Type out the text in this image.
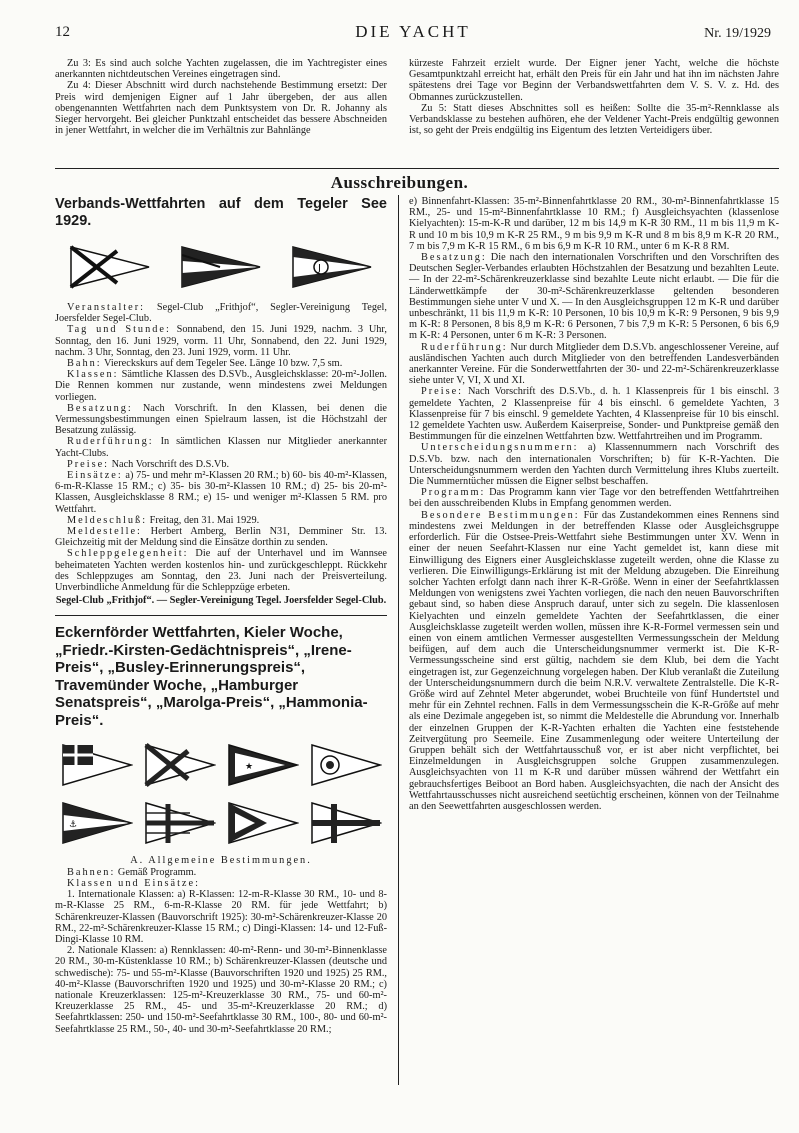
12	DIE YACHT	Nr. 19/1929

Zu 3: Es sind auch solche Yachten zugelassen, die im Yachtregister eines anerkannten nichtdeutschen Vereines eingetragen sind.

Zu 4: Dieser Abschnitt wird durch nachstehende Bestimmung ersetzt: Der Preis wird demjenigen Eigner auf 1 Jahr übergeben, der aus allen obengenannten Wettfahrten nach dem Punktsystem von Dr. R. Johanny als Sieger hervorgeht. Bei gleicher Punktzahl entscheidet das bessere Abschneiden in jener Wettfahrt, in welcher die im Verhältnis zur Bahnlänge

kürzeste Fahrzeit erzielt wurde. Der Eigner jener Yacht, welche die höchste Gesamtpunktzahl erreicht hat, erhält den Preis für ein Jahr und hat ihn im nächsten Jahre spätestens drei Tage vor Beginn der Verbandswettfahrten dem V. S. V. z. Hd. des Obmannes zurückzustellen.

Zu 5: Statt dieses Abschnittes soll es heißen: Sollte die 35-m²-Rennklasse als Verbandsklasse zu bestehen aufhören, ehe der Veldener Yacht-Preis endgültig gewonnen ist, so geht der Preis endgültig ins Eigentum des letzten Verteidigers über.

Ausschreibungen.
Verbands-Wettfahrten auf dem Tegeler See 1929.
J

Veranstalter: Segel-Club „Frithjof“, Segler-Vereinigung Tegel, Joersfelder Segel-Club.

Tag und Stunde: Sonnabend, den 15. Juni 1929, nachm. 3 Uhr, Sonntag, den 16. Juni 1929, vorm. 11 Uhr, Sonnabend, den 22. Juni 1929, nachm. 3 Uhr, Sonntag, den 23. Juni 1929, vorm. 11 Uhr.

Bahn: Viereckskurs auf dem Tegeler See. Länge 10 bzw. 7,5 sm.

Klassen: Sämtliche Klassen des D.SVb., Ausgleichsklasse: 20-m²-Jollen. Die Rennen kommen nur zustande, wenn mindestens zwei Meldungen vorliegen.

Besatzung: Nach Vorschrift. In den Klassen, bei denen die Vermessungsbestimmungen einen Spielraum lassen, ist die Höchstzahl der Besatzung zulässig.

Ruderführung: In sämtlichen Klassen nur Mitglieder anerkannter Yacht-Clubs.

Preise: Nach Vorschrift des D.S.Vb.

Einsätze: a) 75- und mehr m²-Klassen 20 RM.; b) 60- bis 40-m²-Klassen, 6-m-R-Klasse 15 RM.; c) 35- bis 30-m²-Klassen 10 RM.; d) 25- bis 20-m²-Klassen, Ausgleichsklasse 8 RM.; e) 15- und weniger m²-Klassen 5 RM. pro Wettfahrt.

Meldeschluß: Freitag, den 31. Mai 1929.

Meldestelle: Herbert Amberg, Berlin N31, Demminer Str. 13. Gleichzeitig mit der Meldung sind die Einsätze dorthin zu senden.

Schleppgelegenheit: Die auf der Unterhavel und im Wannsee beheimateten Yachten werden kostenlos hin- und zurückgeschleppt. Rückkehr des Schleppzuges am Sonntag, den 23. Juni nach der Preisverteilung. Unverbindliche Anmeldung für die Schleppzüge erbeten.

Segel-Club „Frithjof“. — Segler-Vereinigung Tegel. Joersfelder Segel-Club.

Eckernförder Wettfahrten, Kieler Woche, „Friedr.-Kirsten-Gedächtnispreis“, „Irene-Preis“, „Busley-Erinnerungspreis“, Travemünder Woche, „Hamburger Senatspreis“, „Marolga-Preis“, „Hammonia-Preis“.
★
⚓

A. Allgemeine Bestimmungen.

Bahnen: Gemäß Programm.

Klassen und Einsätze:

1. Internationale Klassen: a) R-Klassen: 12-m-R-Klasse 30 RM., 10- und 8-m-R-Klasse 25 RM., 6-m-R-Klasse 20 RM. für jede Wettfahrt; b) Schärenkreuzer-Klassen (Bauvorschrift 1925): 30-m²-Schärenkreuzer-Klasse 20 RM., 22-m²-Schärenkreuzer-Klasse 15 RM.; c) Dingi-Klassen: 14- und 12-Fuß-Dingi-Klasse 10 RM.

2. Nationale Klassen: a) Rennklassen: 40-m²-Renn- und 30-m²-Binnenklasse 20 RM., 30-m-Küstenklasse 10 RM.; b) Schärenkreuzer-Klassen (deutsche und schwedische): 75- und 55-m²-Klasse (Bauvorschriften 1920 und 1925) 25 RM., 40-m²-Klasse (Bauvorschriften 1920 und 1925) und 30-m²-Klasse 20 RM.; c) nationale Kreuzerklassen: 125-m²-Kreuzerklasse 30 RM., 75- und 60-m²-Kreuzerklasse 25 RM., 45- und 35-m²-Kreuzerklasse 20 RM.; d) Seefahrtklassen: 250- und 150-m²-Seefahrtklasse 30 RM., 100-, 80- und 60-m²-Seefahrtklasse 25 RM., 50-, 40- und 30-m²-Seefahrtklasse 20 RM.;

e) Binnenfahrt-Klassen: 35-m²-Binnenfahrtklasse 20 RM., 30-m²-Binnenfahrtklasse 15 RM., 25- und 15-m²-Binnenfahrtklasse 10 RM.; f) Ausgleichsyachten (klassenlose Kielyachten): 15-m-K-R und darüber, 12 m bis 14,9 m K-R 30 RM., 11 m bis 11,9 m K-R und 10 m bis 10,9 m K-R 25 RM., 9 m bis 9,9 m K-R und 8 m bis 8,9 m K-R 20 RM., 7 m bis 7,9 m K-R 15 RM., 6 m bis 6,9 m K-R 10 RM., unter 6 m K-R 8 RM.

Besatzung: Die nach den internationalen Vorschriften und den Vorschriften des Deutschen Segler-Verbandes erlaubten Höchstzahlen der Besatzung und bezahlten Leute. — In der 22-m²-Schärenkreuzerklasse sind bezahlte Leute nicht erlaubt. — Die für die Länderwettkämpfe der 30-m²-Schärenkreuzerklasse geltenden besonderen Bestimmungen siehe unter V und X. — In den Ausgleichsgruppen 12 m K-R und darüber unbeschränkt, 11 bis 11,9 m K-R: 10 Personen, 10 bis 10,9 m K-R: 9 Personen, 9 bis 9,9 m K-R: 8 Personen, 8 bis 8,9 m K-R: 6 Personen, 7 bis 7,9 m K-R: 5 Personen, 6 bis 6,9 m K-R: 4 Personen, unter 6 m K-R: 3 Personen.

Ruderführung: Nur durch Mitglieder dem D.S.Vb. angeschlossener Vereine, auf ausländischen Yachten auch durch Mitglieder von den betreffenden Landesverbänden anerkannter Vereine. Für die Sonderwettfahrten der 30- und 22-m²-Schärenkreuzerklasse siehe unter V, VI, X und XI.

Preise: Nach Vorschrift des D.S.Vb., d. h. 1 Klassenpreis für 1 bis einschl. 3 gemeldete Yachten, 2 Klassenpreise für 4 bis einschl. 6 gemeldete Yachten, 3 Klassenpreise für 7 bis einschl. 9 gemeldete Yachten, 4 Klassenpreise für 10 bis einschl. 12 gemeldete Yachten usw. Außerdem Kaiserpreise, Sonder- und Punktpreise gemäß den Bestimmungen für die einzelnen Wettfahrten bzw. Wettfahrtreihen und im Programm.

Unterscheidungsnummern: a) Klassennummern nach Vorschrift des D.S.Vb. bzw. nach den internationalen Vorschriften; b) für K-R-Yachten. Die Unterscheidungsnummern werden den Yachten durch Vermittelung ihres Klubs zuerteilt. Die Nummerntücher müssen die Eigner selbst beschaffen.

Programm: Das Programm kann vier Tage vor den betreffenden Wettfahrtreihen bei den ausschreibenden Klubs in Empfang genommen werden.

Besondere Bestimmungen: Für das Zustandekommen eines Rennens sind mindestens zwei Meldungen in der betreffenden Klasse oder Ausgleichsgruppe erforderlich. Für die Ostsee-Preis-Wettfahrt siehe Bestimmungen unter XV. Wenn in einer der neuen Seefahrt-Klassen nur eine Yacht gemeldet ist, kann diese mit Einwilligung des Eigners einer Ausgleichsklasse zugeteilt werden, ohne die Klasse zu verlieren. Die Einwilligungs-Erklärung ist mit der Meldung abzugeben. Die Einreihung solcher Yachten erfolgt dann nach ihrer K-R-Größe. Wenn in einer der Seefahrtklassen Meldungen von wenigstens zwei Yachten vorliegen, die nach den neuen Bauvorschriften gebaut sind, so haben diese Anspruch darauf, unter sich zu segeln. Die klassenlosen Kielyachten und einzeln gemeldete Yachten der Seefahrtklassen, die einer Ausgleichsklasse zugeteilt werden wollen, müssen ihre K-R-Formel vermessen sein und einen von einem amtlichen Vermesser ausgestellten Vermessungsschein der Meldung beifügen, auf dem auch die Unterscheidungsnummer vermerkt ist. Die K-R-Vermessungsscheine sind erst gültig, nachdem sie dem Klub, bei dem die Yacht eingetragen ist, zur Gegenzeichnung vorgelegen haben. Der Klub veranlaßt die Zuteilung der Unterscheidungsnummern durch die beim N.R.V. verwaltete Zentralstelle. Die K-R-Größe wird auf Zehntel Meter abgerundet, wobei Bruchteile von fünf Hundertstel und mehr für ein Zehntel rechnen. Falls in dem Vermessungsschein die K-R-Größe auf mehr als eine Dezimale angegeben ist, so nimmt die Meldestelle die Abrundung vor. Innerhalb der einzelnen Gruppen der K-R-Yachten erhalten die Yachten eine feststehende Zeitvergütung pro Seemeile. Eine Zusammenlegung oder weitere Unterteilung der Gruppen behält sich der Wettfahrtausschuß vor, er ist aber nicht verpflichtet, bei Einzelmeldungen in Ausgleichsgruppen solche Gruppen zusammenzulegen. Ausgleichsyachten von 11 m K-R und darüber müssen während der Wettfahrt ein gebrauchsfertiges Beiboot an Bord haben. Ausgleichsyachten, die nach der Ansicht des Wettfahrtausschusses nicht ausreichend seetüchtig erscheinen, können von der Teilnahme an den Seewettfahrten ausgeschlossen werden.
